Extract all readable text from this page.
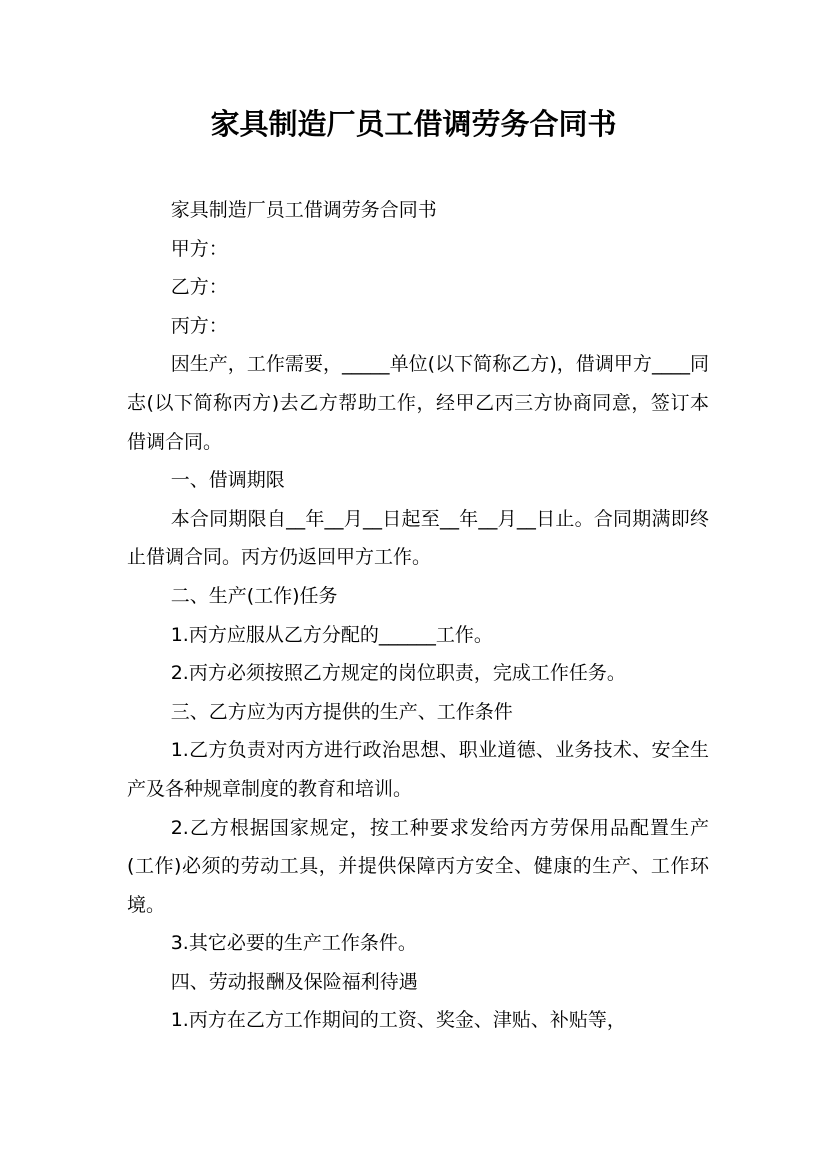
家具制造厂员工借调劳务合同书

家具制造厂员工借调劳务合同书

甲方：

乙方：

丙方：

因生产，工作需要，_____单位(以下简称乙方)，借调甲方____同志(以下简称丙方)去乙方帮助工作，经甲乙丙三方协商同意，签订本借调合同。

一、借调期限

本合同期限自__年__月__日起至__年__月__日止。合同期满即终止借调合同。丙方仍返回甲方工作。

二、生产(工作)任务

1.丙方应服从乙方分配的______工作。

2.丙方必须按照乙方规定的岗位职责，完成工作任务。

三、乙方应为丙方提供的生产、工作条件

1.乙方负责对丙方进行政治思想、职业道德、业务技术、安全生产及各种规章制度的教育和培训。

2.乙方根据国家规定，按工种要求发给丙方劳保用品配置生产(工作)必须的劳动工具，并提供保障丙方安全、健康的生产、工作环境。

3.其它必要的生产工作条件。

四、劳动报酬及保险福利待遇

1.丙方在乙方工作期间的工资、奖金、津贴、补贴等，
